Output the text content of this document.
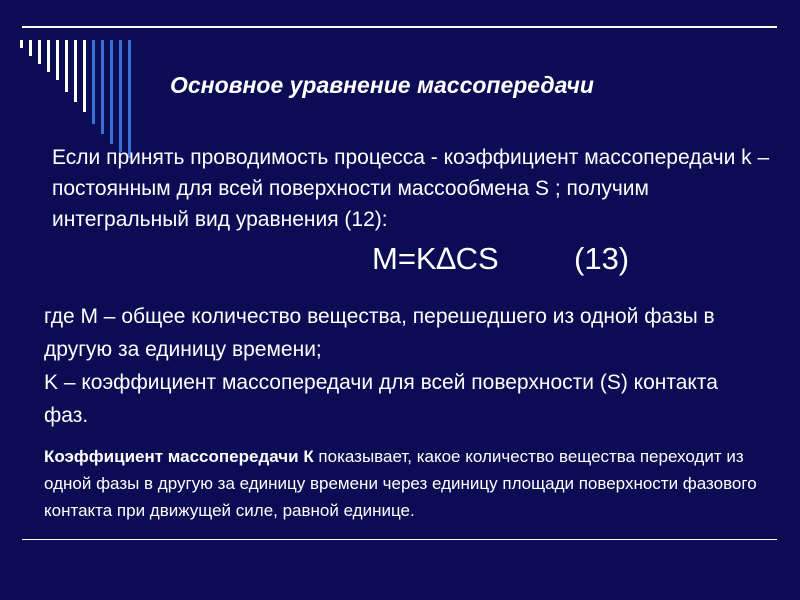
Основное уравнение массопередачи

Если принять проводимость процесса - коэффициент массопередачи k – постоянным для всей поверхности массообмена S ; получим интегральный вид уравнения (12):

M=K∆CS (13)

где М – общее количество вещества, перешедшего из одной фазы в другую за единицу времени;

K – коэффициент массопередачи для всей поверхности (S) контакта фаз.

Коэффициент массопередачи К показывает, какое количество вещества переходит из одной фазы в другую за единицу времени через единицу площади поверхности фазового контакта при движущей силе, равной единице.
